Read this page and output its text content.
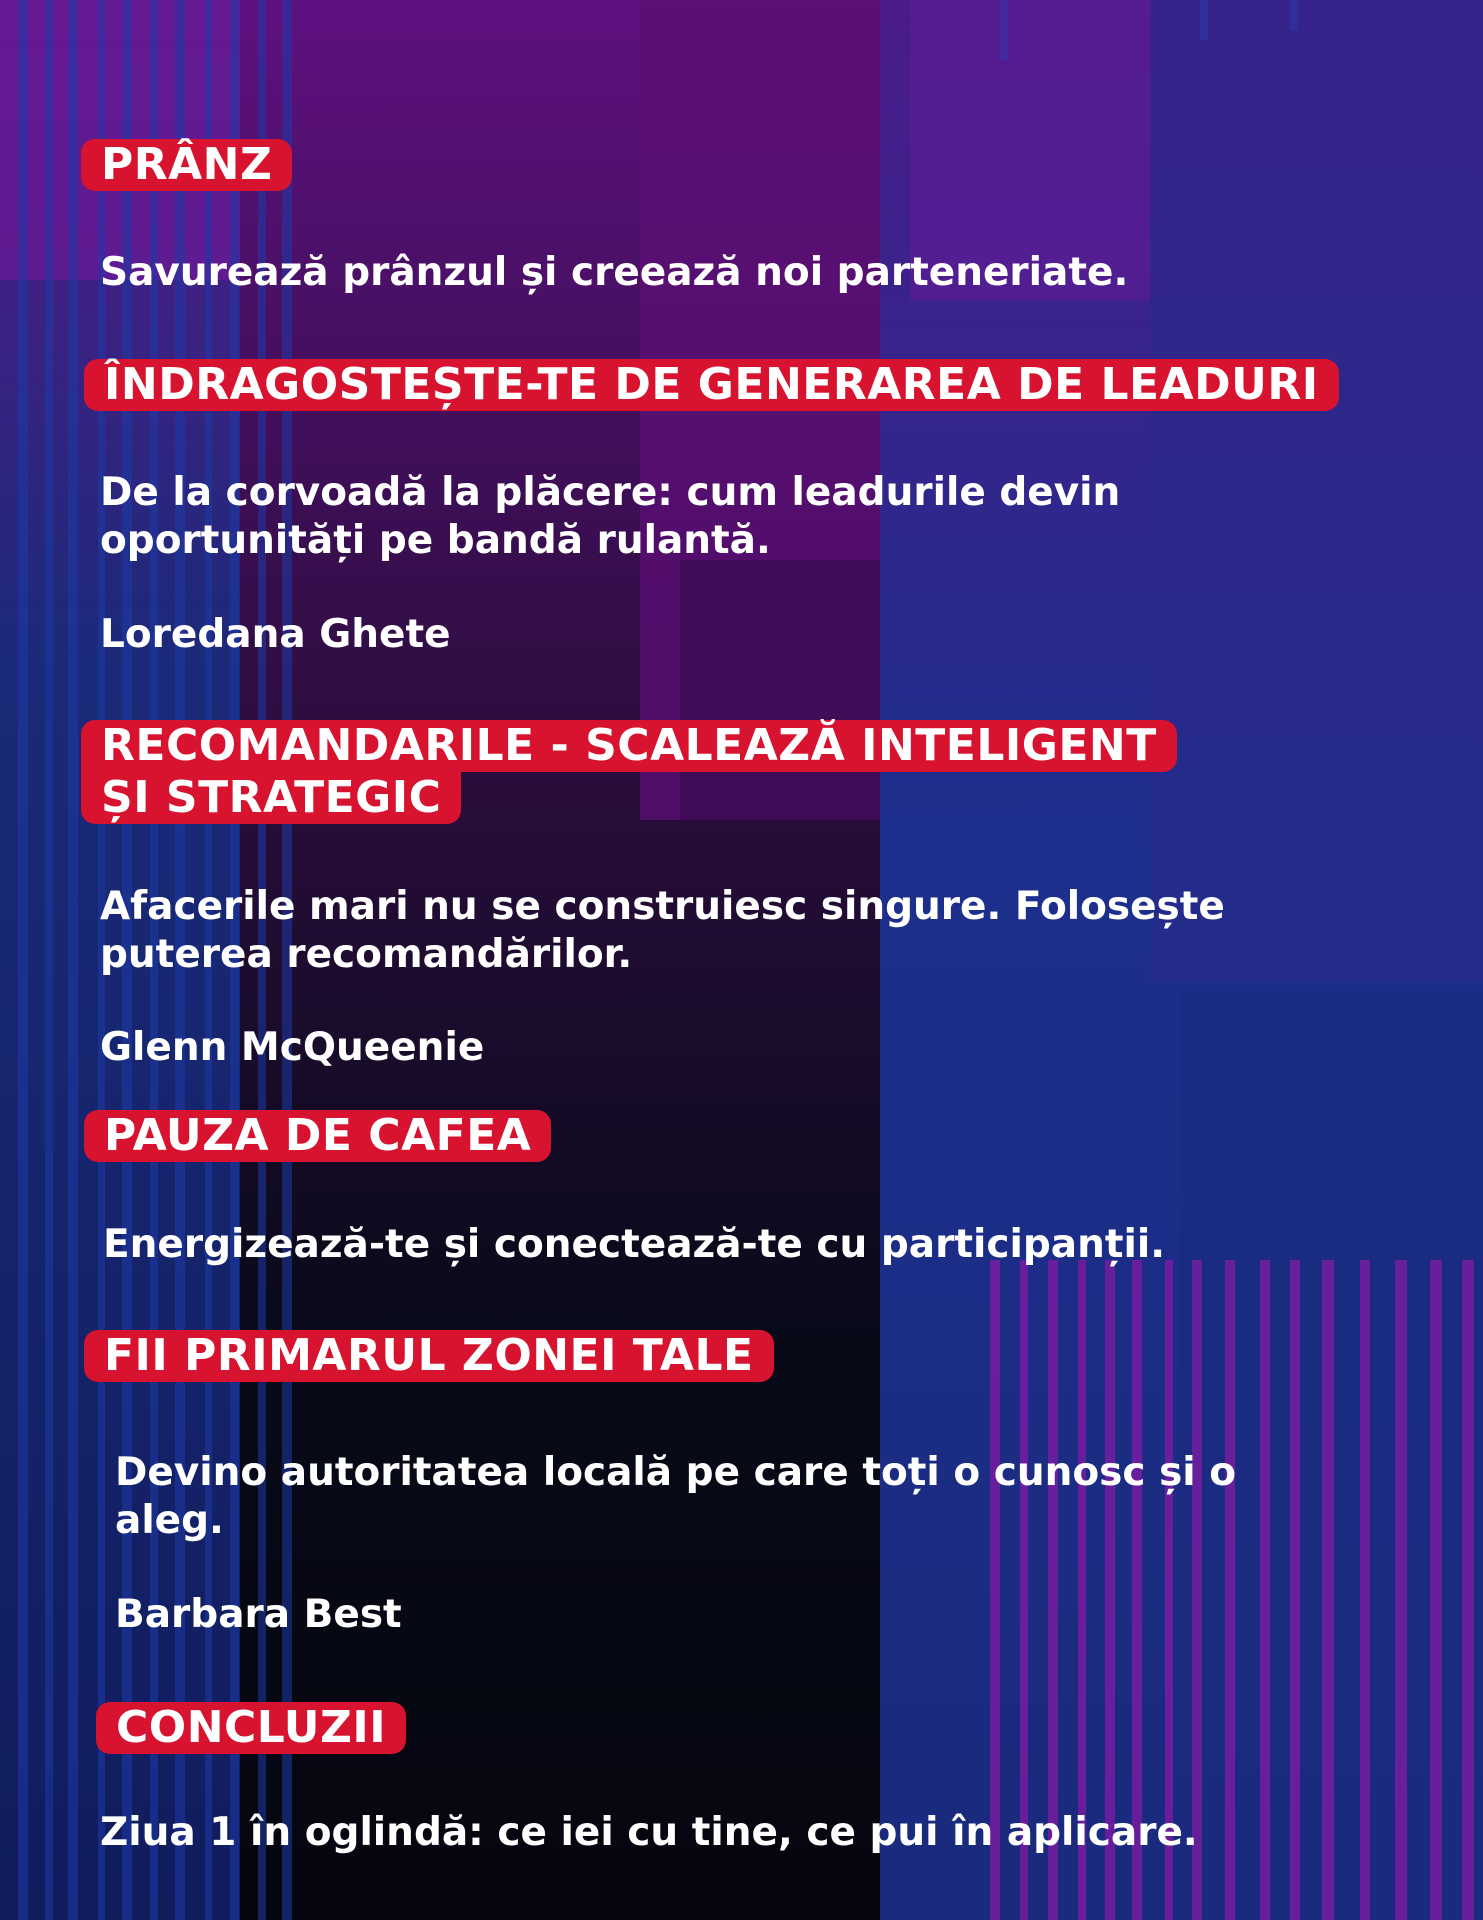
PRÂNZ
Savurează prânzul și creează noi parteneriate.
ÎNDRAGOSTEȘTE-TE DE GENERAREA DE LEADURI
De la corvoadă la plăcere: cum leadurile devin
oportunități pe bandă rulantă.
Loredana Ghete
RECOMANDARILE - SCALEAZĂ INTELIGENT
ȘI STRATEGIC
Afacerile mari nu se construiesc singure. Folosește
puterea recomandărilor.
Glenn McQueenie
PAUZA DE CAFEA
Energizează-te și conectează-te cu participanții.
FII PRIMARUL ZONEI TALE
Devino autoritatea locală pe care toți o cunosc și o
aleg.
Barbara Best
CONCLUZII
Ziua 1 în oglindă: ce iei cu tine, ce pui în aplicare.
